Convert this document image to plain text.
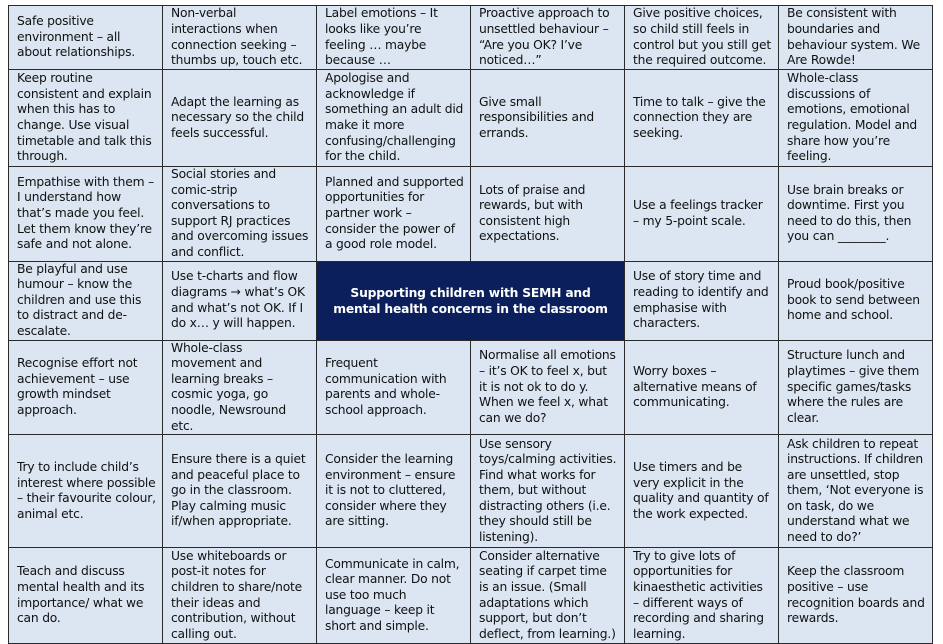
Safe positive environment – all about relationships.	Non-verbal interactions when connection seeking – thumbs up, touch etc.	Label emotions – It looks like you’re feeling … maybe because …	Proactive approach to unsettled behaviour – “Are you OK? I’ve noticed…”	Give positive choices, so child still feels in control but you still get the required outcome.	Be consistent with boundaries and behaviour system. We Are Rowde!
Keep routine consistent and explain when this has to change. Use visual timetable and talk this through.	Adapt the learning as necessary so the child feels successful.	Apologise and acknowledge if something an adult did make it more confusing/challenging for the child.	Give small responsibilities and errands.	Time to talk – give the connection they are seeking.	Whole-class discussions of emotions, emotional regulation. Model and share how you’re feeling.
Empathise with them – I understand how that’s made you feel. Let them know they’re safe and not alone.	Social stories and comic-strip conversations to support RJ practices and overcoming issues and conflict.	Planned and supported opportunities for partner work – consider the power of a good role model.	Lots of praise and rewards, but with consistent high expectations.	Use a feelings tracker – my 5-point scale.	Use brain breaks or downtime. First you need to do this, then you can ________.
Be playful and use humour – know the children and use this to distract and de-escalate.	Use t-charts and flow diagrams → what’s OK and what’s not OK. If I do x… y will happen.	Supporting children with SEMH and mental health concerns in the classroom		Use of story time and reading to identify and emphasise with characters.	Proud book/positive book to send between home and school.
Recognise effort not achievement – use growth mindset approach.	Whole-class movement and learning breaks – cosmic yoga, go noodle, Newsround etc.	Frequent communication with parents and whole-school approach.	Normalise all emotions – it’s OK to feel x, but it is not ok to do y. When we feel x, what can we do?	Worry boxes – alternative means of communicating.	Structure lunch and playtimes – give them specific games/tasks where the rules are clear.
Try to include child’s interest where possible – their favourite colour, animal etc.	Ensure there is a quiet and peaceful place to go in the classroom. Play calming music if/when appropriate.	Consider the learning environment – ensure it is not to cluttered, consider where they are sitting.	Use sensory toys/calming activities. Find what works for them, but without distracting others (i.e. they should still be listening).	Use timers and be very explicit in the quality and quantity of the work expected.	Ask children to repeat instructions. If children are unsettled, stop them, ‘Not everyone is on task, do we understand what we need to do?’
Teach and discuss mental health and its importance/ what we can do.	Use whiteboards or post-it notes for children to share/note their ideas and contribution, without calling out.	Communicate in calm, clear manner. Do not use too much language – keep it short and simple.	Consider alternative seating if carpet time is an issue. (Small adaptations which support, but don’t deflect, from learning.)	Try to give lots of opportunities for kinaesthetic activities – different ways of recording and sharing learning.	Keep the classroom positive – use recognition boards and rewards.
